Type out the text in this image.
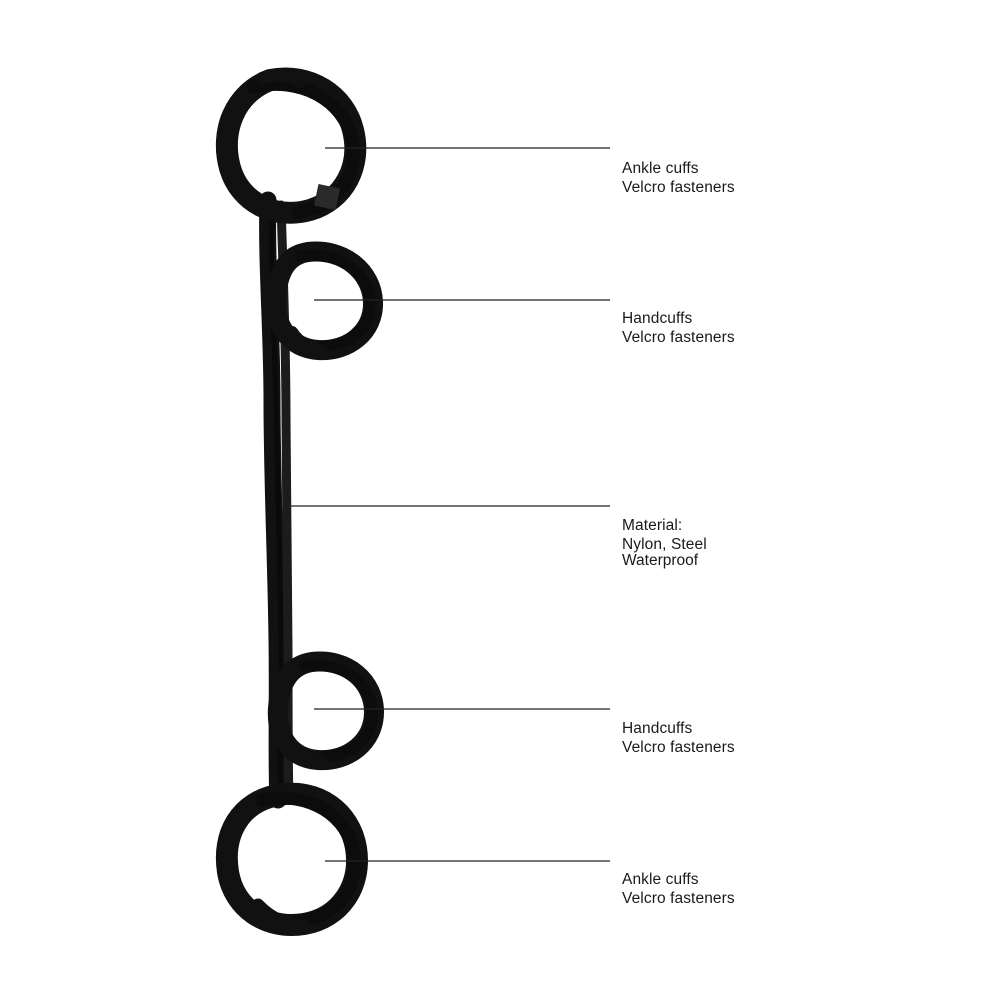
Ankle cuffs

Velcro fasteners

Handcuffs

Velcro fasteners

Material:

Nylon, Steel

Waterproof

Handcuffs

Velcro fasteners

Ankle cuffs

Velcro fasteners
